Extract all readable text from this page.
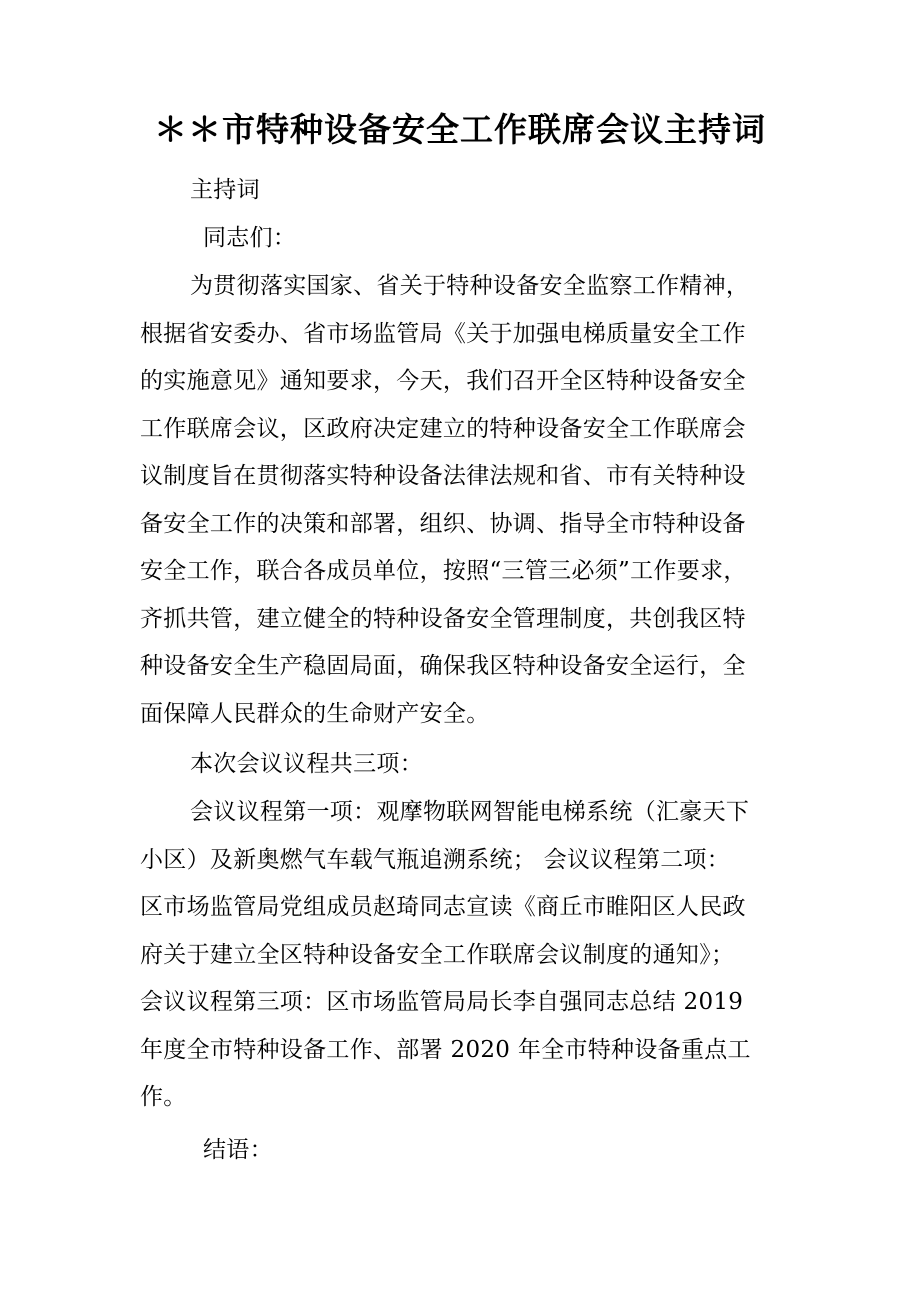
＊＊市特种设备安全工作联席会议主持词
主持词
同志们：
为贯彻落实国家、省关于特种设备安全监察工作精神，
根据省安委办、省市场监管局《关于加强电梯质量安全工作
的实施意见》通知要求，今天，我们召开全区特种设备安全
工作联席会议，区政府决定建立的特种设备安全工作联席会
议制度旨在贯彻落实特种设备法律法规和省、市有关特种设
备安全工作的决策和部署，组织、协调、指导全市特种设备
安全工作，联合各成员单位，按照“三管三必须”工作要求，
齐抓共管，建立健全的特种设备安全管理制度，共创我区特
种设备安全生产稳固局面，确保我区特种设备安全运行，全
面保障人民群众的生命财产安全。
本次会议议程共三项：
会议议程第一项：观摩物联网智能电梯系统（汇豪天下
小区）及新奥燃气车载气瓶追溯系统； 会议议程第二项：
区市场监管局党组成员赵琦同志宣读《商丘市睢阳区人民政
府关于建立全区特种设备安全工作联席会议制度的通知》；
会议议程第三项：区市场监管局局长李自强同志总结 2019
年度全市特种设备工作、部署 2020 年全市特种设备重点工
作。
结语：
